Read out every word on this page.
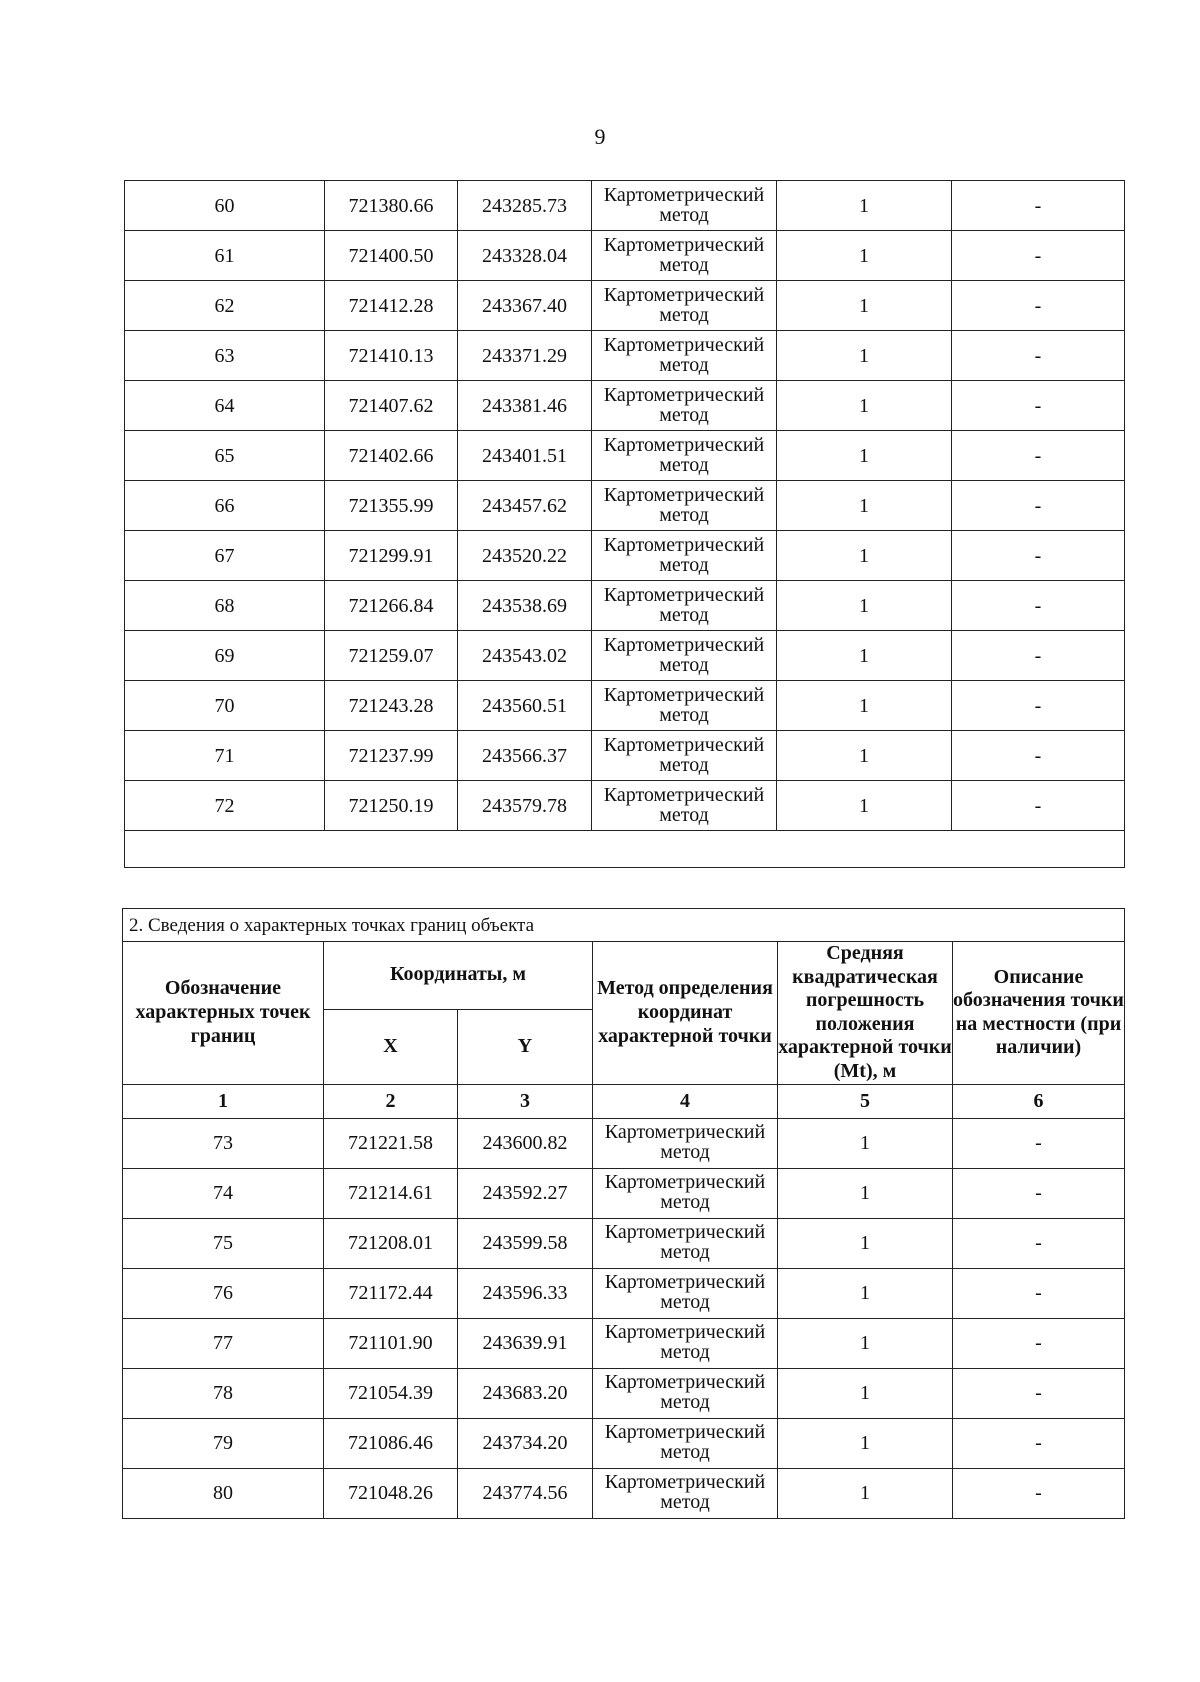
9
60	721380.66	243285.73	Картометрический метод	1	-
61	721400.50	243328.04	Картометрический метод	1	-
62	721412.28	243367.40	Картометрический метод	1	-
63	721410.13	243371.29	Картометрический метод	1	-
64	721407.62	243381.46	Картометрический метод	1	-
65	721402.66	243401.51	Картометрический метод	1	-
66	721355.99	243457.62	Картометрический метод	1	-
67	721299.91	243520.22	Картометрический метод	1	-
68	721266.84	243538.69	Картометрический метод	1	-
69	721259.07	243543.02	Картометрический метод	1	-
70	721243.28	243560.51	Картометрический метод	1	-
71	721237.99	243566.37	Картометрический метод	1	-
72	721250.19	243579.78	Картометрический метод	1	-

2. Сведения о характерных точках границ объекта					
Обозначение характерных точек границ	Координаты, м		Метод определения координат характерной точки	Средняя квадратическая погрешность положения характерной точки (Mt), м	Описание обозначения точки на местности (при наличии)
	X	Y			
1	2	3	4	5	6
73	721221.58	243600.82	Картометрический метод	1	-
74	721214.61	243592.27	Картометрический метод	1	-
75	721208.01	243599.58	Картометрический метод	1	-
76	721172.44	243596.33	Картометрический метод	1	-
77	721101.90	243639.91	Картометрический метод	1	-
78	721054.39	243683.20	Картометрический метод	1	-
79	721086.46	243734.20	Картометрический метод	1	-
80	721048.26	243774.56	Картометрический метод	1	-
